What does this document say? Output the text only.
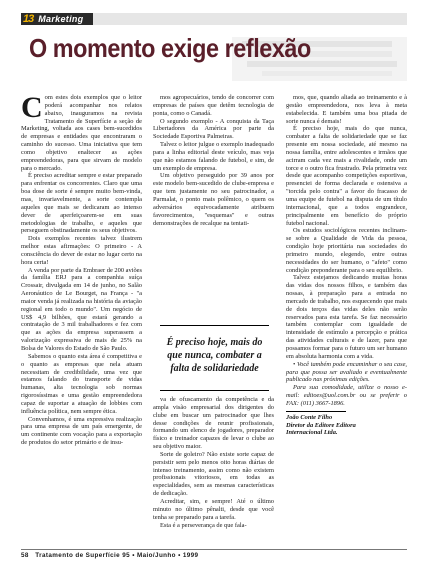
13 Marketing
O momento exige reflexão

Com estes dois exemplos que o leitor poderá acompanhar nos relatos abaixo, inauguramos na revista Tratamento de Superfície a seção de Marketing, voltada aos cases bem-sucedidos de empresas e entidades que encontraram o caminho do sucesso. Uma iniciativa que tem como objetivo enaltecer as ações empreendedoras, para que sirvam de modelo para o mercado.

É preciso acreditar sempre e estar preparado para enfrentar os concorrentes. Claro que uma boa dose de sorte é sempre muito bem-vinda, mas, invariavelmente, a sorte contempla aqueles que mais se dedicaram ao intenso dever de aperfeiçoarem-se em suas metodologias de trabalho, e aqueles que perseguem obstinadamente os seus objetivos.

Dois exemplos recentes talvez ilustrem melhor estas afirmações: O primeiro - A consciência do dever de estar no lugar certo na hora certa!

A venda por parte da Embraer de 200 aviões da família ERJ para a companhia suíça Crossair, divulgada em 14 de junho, no Salão Aeronáutico de Le Bourget, na França - "a maior venda já realizada na história da aviação regional em todo o mundo". Um negócio de US$ 4,9 bilhões, que estará gerando a contratação de 3 mil trabalhadores e fez com que as ações da empresa superassem a valorização expressiva de mais de 25% na Bolsa de Valores do Estado de São Paulo.

Sabemos o quanto esta área é competitiva e o quanto as empresas que nela atuam necessitam de credibilidade, uma vez que estamos falando do transporte de vidas humanas, alta tecnologia sob normas rigorosíssimas e uma gestão empreendedora capaz de suportar a atuação de lobbies com influência política, nem sempre ética.

Convenhamos, é uma expressiva realização para uma empresa de um país emergente, de um continente com vocação para a exportação de produtos do setor primário e de insu-

mos agropecuários, tendo de concorrer com empresas de países que detêm tecnologia de ponta, como o Canadá.

O segundo exemplo - A conquista da Taça Libertadores da América por parte da Sociedade Esportiva Palmeiras.

Talvez o leitor julgue o exemplo inadequado para a linha editorial deste veículo, mas veja que não estamos falando de futebol, e sim, de um exemplo de empresa.

Um objetivo perseguido por 39 anos por este modelo bem-sucedido de clube-empresa e que tem justamente no seu patrocinador, a Parmalat, o ponto mais polêmico, o quem os adversários equivocadamente atribuem favorecimentos, "esquemas" e outras demonstrações de recalque na tentati-

É preciso hoje, mais do que nunca, combater a falta de solidariedade

va de ofuscamento da competência e da ampla visão empresarial dos dirigentes do clube em buscar um patrocinador que lhes desse condições de reunir profissionais, formando um elenco de jogadores, preparador físico e treinador capazes de levar o clube ao seu objetivo maior.

Sorte de goleiro? Não existe sorte capaz de persistir sem pelo menos oito horas diárias de intenso treinamento, assim como não existem profissionais vitoriosos, em todas as especialidades, sem as mesmas características de dedicação.

Acreditar, sim, e sempre! Até o último minuto no último pênalti, desde que você tenha se preparado para a tarefa.

Esta é a perseverança de que fala-

mos, que, quando aliada ao treinamento e à gestão empreendedora, nos leva à meta estabelecida. E também uma boa pitada de sorte nunca é demais!

É preciso hoje, mais do que nunca, combater a falta de solidariedade que se faz presente em nossa sociedade, até mesmo na nossa família, entre adolescentes e irmãos que acirram cada vez mais a rivalidade, onde um torce e o outro fica frustrado. Pela primeira vez desde que acompanho competições esportivas, presenciei de forma declarada e ostensiva a "torcida pelo contra" a favor do fracasso de uma equipe de futebol na disputa de um título internacional, que a todos engrandece, principalmente em benefício do próprio futebol nacional.

Os estudos sociológicos recentes inclinam-se sobre a Qualidade de Vida da pessoa, condição hoje prioritária nas sociedades do primeiro mundo, elegendo, entre outras necessidades do ser humano, o "afeto" como condição preponderante para o seu equilíbrio.

Talvez estejamos dedicando muitas horas das vidas dos nossos filhos, e também das nossas, à preparação para a entrada no mercado de trabalho, nos esquecendo que mais de dois terços das vidas deles não serão reservados para esta tarefa. Se faz necessário também contemplar com igualdade de intensidade de estímulo a percepção e prática das atividades culturais e de lazer, para que possamos formar para o futuro um ser humano em absoluta harmonia com a vida.

• Você também pode encaminhar o seu case, para que possa ser avaliado e eventualmente publicado nas próximas edições.

Para sua comodidade, utilize o nosso e-mail: editoes@uol.com.br ou se preferir o FAX: (011) 3667-1896.

João Conte Filho

Diretor da Editore Editora

Internacional Ltda.

58   Tratamento de Superfície 95 • Maio/Junho • 1999
